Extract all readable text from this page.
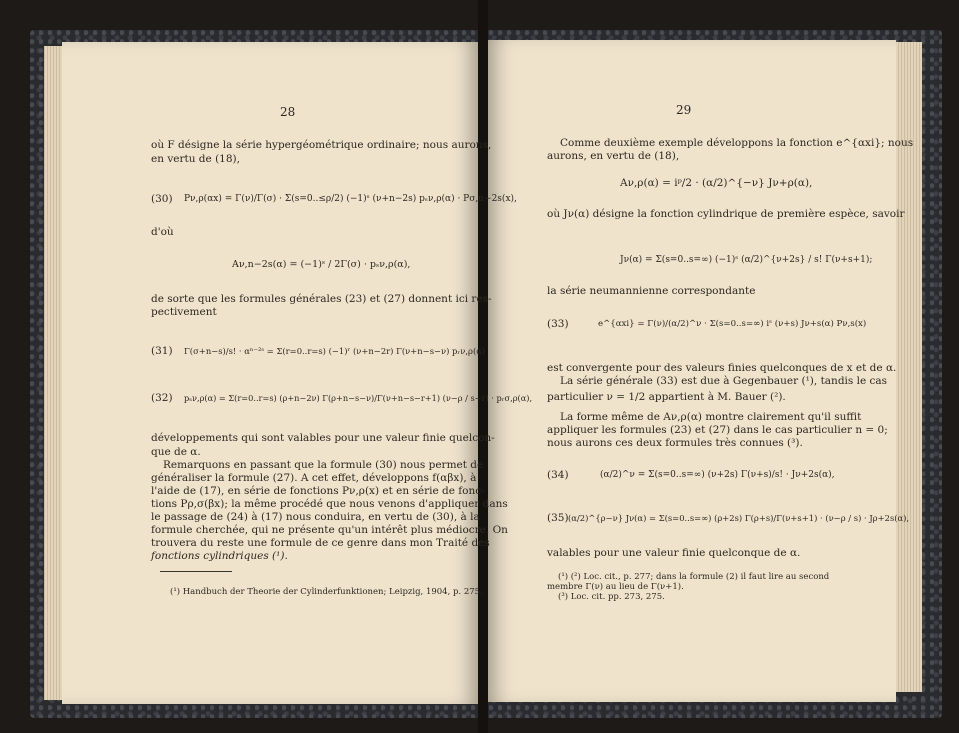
28
où F désigne la série hypergéométrique ordinaire; nous aurons,
en vertu de (18),
(30) Pν,ρ(αx) = Γ(ν)/Γ(σ) · Σ(s=0..≤ρ/2) (−1)ˢ (ν+n−2s) pₛν,ρ(α) · Pσ,n−2s(x),
d'où
Aν,n−2s(α) = (−1)ˢ / 2Γ(σ) · pₛν,ρ(α),
de sorte que les formules générales (23) et (27) donnent ici res-
pectivement
(31) Γ(σ+n−s)/s! · αⁿ⁻²ˢ = Σ(r=0..r=s) (−1)ʳ (ν+n−2r) Γ(ν+n−s−ν) pᵣν,ρ(α)
(32) pₛν,ρ(α) = Σ(r=0..r=s) (ρ+n−2ν) Γ(ρ+n−s−ν)/Γ(ν+n−s−r+1) (ν−ρ / s−r) · pᵣσ,ρ(α),
développements qui sont valables pour une valeur finie quelcon-
que de α.
Remarquons en passant que la formule (30) nous permet de
généraliser la formule (27). A cet effet, développons f(αβx), à
l'aide de (17), en série de fonctions Pν,ρ(x) et en série de fonc-
tions Pρ,σ(βx); la même procédé que nous venons d'appliquer dans
le passage de (24) à (17) nous conduira, en vertu de (30), à la
formule cherchée, qui ne présente qu'un intérêt plus médiocre. On
trouvera du reste une formule de ce genre dans mon Traité des
fonctions cylindriques (¹).
(¹) Handbuch der Theorie der Cylinderfunktionen; Leipzig, 1904, p. 275.
29
Comme deuxième exemple développons la fonction e^{αxi}; nous
aurons, en vertu de (18),
Aν,ρ(α) = iᵖ/2 · (α/2)^{−ν} Jν+ρ(α),
où Jν(α) désigne la fonction cylindrique de première espèce, savoir
Jν(α) = Σ(s=0..s=∞) (−1)ˢ (α/2)^{ν+2s} / s! Γ(ν+s+1);
la série neumannienne correspondante
(33)	e^{αxi} = Γ(ν)/(α/2)^ν · Σ(s=0..s=∞) iˢ (ν+s) Jν+s(α) Pν,s(x)
est convergente pour des valeurs finies quelconques de x et de α.
La série générale (33) est due à Gegenbauer (¹), tandis le cas
particulier ν = 1/2 appartient à M. Bauer (²).
La forme même de Aν,ρ(α) montre clairement qu'il suffit
appliquer les formules (23) et (27) dans le cas particulier n = 0;
nous aurons ces deux formules très connues (³).
(34)	(α/2)^ν = Σ(s=0..s=∞) (ν+2s) Γ(ν+s)/s! · Jν+2s(α),
(35) (α/2)^{ρ−ν} Jν(α) = Σ(s=0..s=∞) (ρ+2s) Γ(ρ+s)/Γ(ν+s+1) · (ν−ρ / s) · Jρ+2s(α),
valables pour une valeur finie quelconque de α.
(¹) (²) Loc. cit., p. 277; dans la formule (2) il faut lire au second
membre Γ(ν) au lieu de Γ(ν+1).
(³) Loc. cit. pp. 273, 275.
